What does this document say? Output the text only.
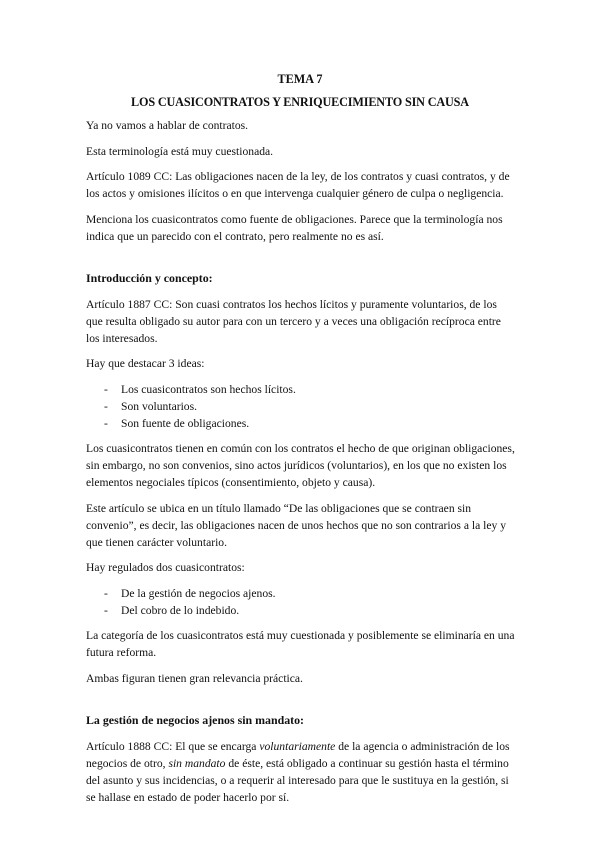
TEMA 7
LOS CUASICONTRATOS Y ENRIQUECIMIENTO SIN CAUSA

Ya no vamos a hablar de contratos.

Esta terminología está muy cuestionada.

Artículo 1089 CC: Las obligaciones nacen de la ley, de los contratos y cuasi contratos, y de los actos y omisiones ilícitos o en que intervenga cualquier género de culpa o negligencia.

Menciona los cuasicontratos como fuente de obligaciones. Parece que la terminología nos indica que un parecido con el contrato, pero realmente no es así.

Introducción y concepto:

Artículo 1887 CC: Son cuasi contratos los hechos lícitos y puramente voluntarios, de los que resulta obligado su autor para con un tercero y a veces una obligación recíproca entre los interesados.

Hay que destacar 3 ideas:

- Los cuasicontratos son hechos lícitos.
- Son voluntarios.
- Son fuente de obligaciones.

Los cuasicontratos tienen en común con los contratos el hecho de que originan obligaciones, sin embargo, no son convenios, sino actos jurídicos (voluntarios), en los que no existen los elementos negociales típicos (consentimiento, objeto y causa).

Este artículo se ubica en un título llamado “De las obligaciones que se contraen sin convenio”, es decir, las obligaciones nacen de unos hechos que no son contrarios a la ley y que tienen carácter voluntario.

Hay regulados dos cuasicontratos:

- De la gestión de negocios ajenos.
- Del cobro de lo indebido.

La categoría de los cuasicontratos está muy cuestionada y posiblemente se eliminaría en una futura reforma.

Ambas figuran tienen gran relevancia práctica.

La gestión de negocios ajenos sin mandato:

Artículo 1888 CC: El que se encarga voluntariamente de la agencia o administración de los negocios de otro, sin mandato de éste, está obligado a continuar su gestión hasta el término del asunto y sus incidencias, o a requerir al interesado para que le sustituya en la gestión, si se hallase en estado de poder hacerlo por sí.
